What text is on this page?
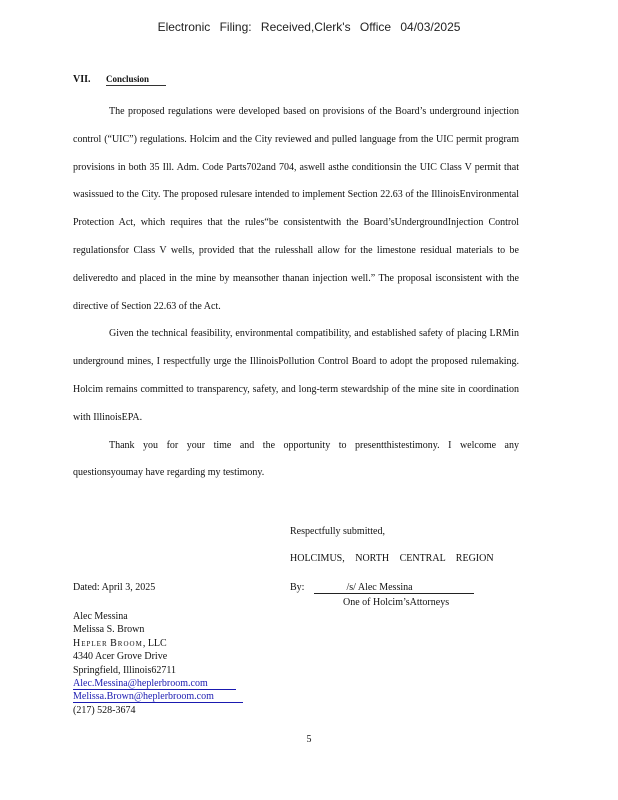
Electronic Filing: Received,Clerk's Office 04/03/2025
VII. Conclusion

The proposed regulations were developed based on provisions of the Board’s underground injection control (“UIC”) regulations. Holcim and the City reviewed and pulled language from the UIC permit program provisions in both 35 Ill. Adm. Code Parts702and 704, aswell asthe conditionsin the UIC Class V permit that wasissued to the City. The proposed rulesare intended to implement Section 22.63 of the IllinoisEnvironmental Protection Act, which requires that the rules“be consistentwith the Board’sUndergroundInjection Control regulationsfor Class V wells, provided that the rulesshall allow for the limestone residual materials to be deliveredto and placed in the mine by meansother thanan injection well.” The proposal isconsistent with the directive of Section 22.63 of the Act.

Given the technical feasibility, environmental compatibility, and established safety of placing LRMin underground mines, I respectfully urge the IllinoisPollution Control Board to adopt the proposed rulemaking. Holcim remains committed to transparency, safety, and long-term stewardship of the mine site in coordination with IllinoisEPA.

Thank you for your time and the opportunity to presentthistestimony. I welcome any questionsyoumay have regarding my testimony.

Respectfully submitted,
HOLCIMUS, NORTH CENTRAL REGION
Dated: April 3, 2025	By:	/s/ Alec Messina
One of Holcim’sAttorneys
Alec Messina
Melissa S. Brown
Hepler Broom, LLC
4340 Acer Grove Drive
Springfield, Illinois62711
Alec.Messina@heplerbroom.com
Melissa.Brown@heplerbroom.com
(217) 528-3674
5
